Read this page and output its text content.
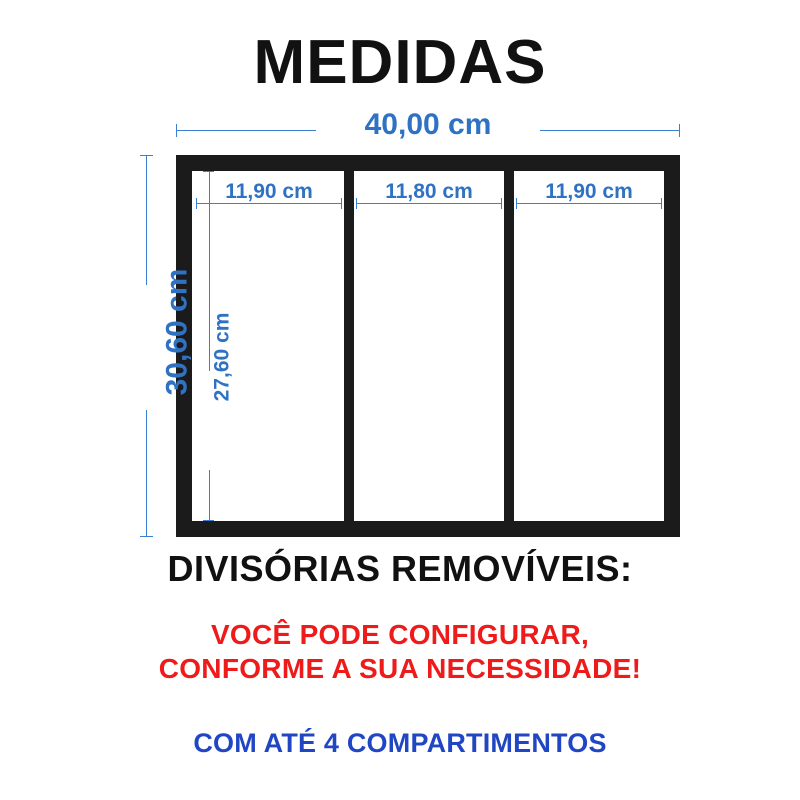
MEDIDAS
40,00 cm
11,90 cm	11,80 cm	11,90 cm
30,60 cm 27,60 cm
DIVISÓRIAS REMOVÍVEIS:
VOCÊ PODE CONFIGURAR,
CONFORME A SUA NECESSIDADE!
COM ATÉ 4 COMPARTIMENTOS
